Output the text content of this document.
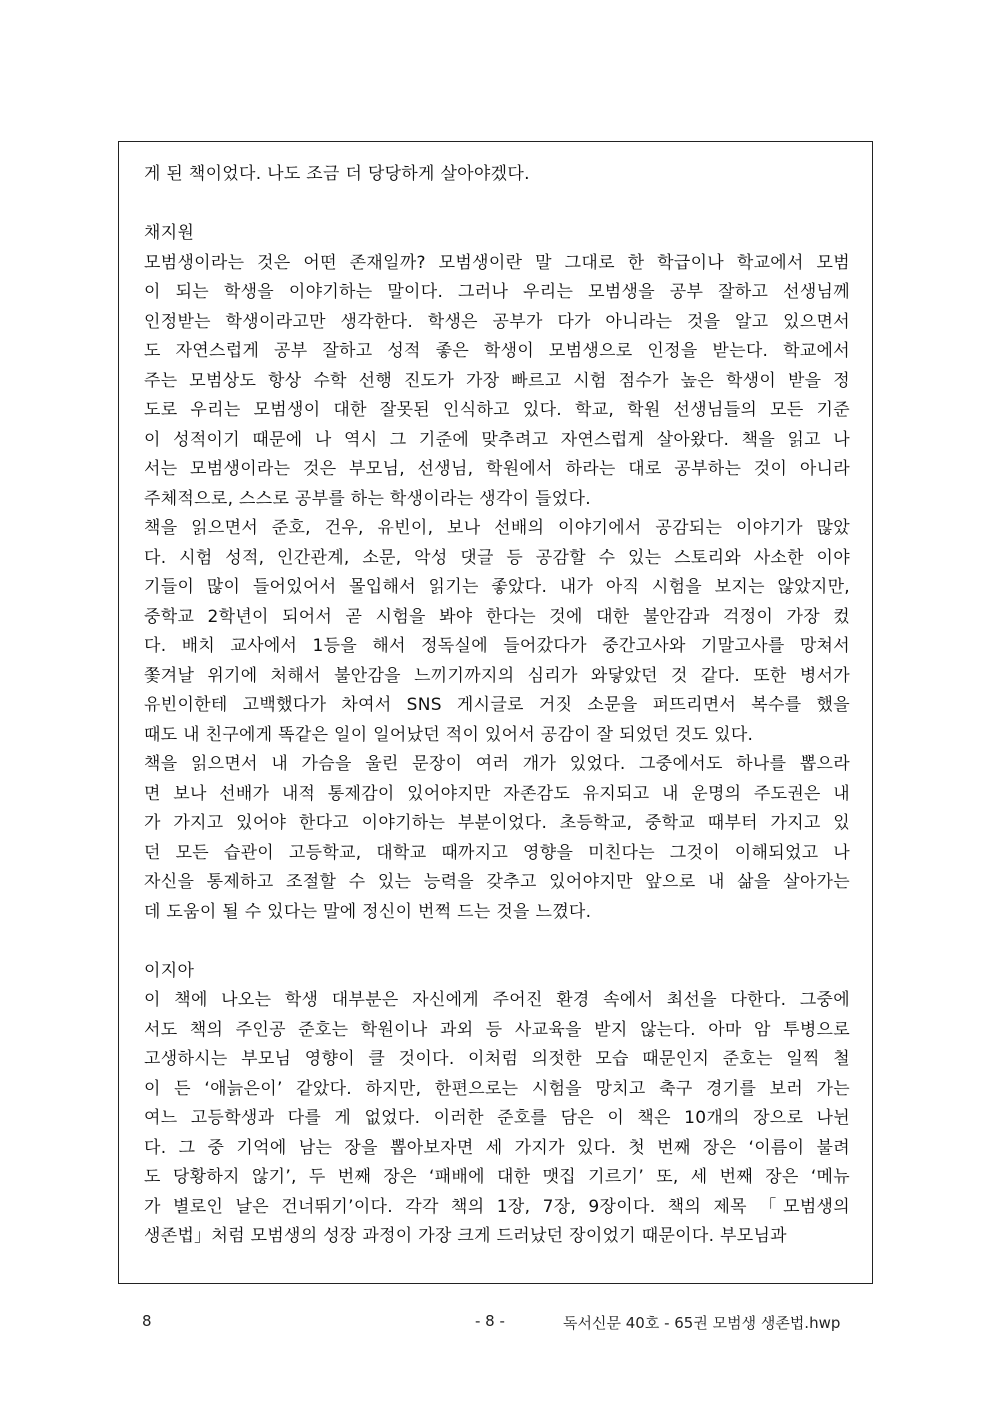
게 된 책이었다. 나도 조금 더 당당하게 살아야겠다.
채지원
모범생이라는 것은 어떤 존재일까? 모범생이란 말 그대로 한 학급이나 학교에서 모범
이 되는 학생을 이야기하는 말이다. 그러나 우리는 모범생을 공부 잘하고 선생님께
인정받는 학생이라고만 생각한다. 학생은 공부가 다가 아니라는 것을 알고 있으면서
도 자연스럽게 공부 잘하고 성적 좋은 학생이 모범생으로 인정을 받는다. 학교에서
주는 모범상도 항상 수학 선행 진도가 가장 빠르고 시험 점수가 높은 학생이 받을 정
도로 우리는 모범생이 대한 잘못된 인식하고 있다. 학교, 학원 선생님들의 모든 기준
이 성적이기 때문에 나 역시 그 기준에 맞추려고 자연스럽게 살아왔다. 책을 읽고 나
서는 모범생이라는 것은 부모님, 선생님, 학원에서 하라는 대로 공부하는 것이 아니라
주체적으로, 스스로 공부를 하는 학생이라는 생각이 들었다.
책을 읽으면서 준호, 건우, 유빈이, 보나 선배의 이야기에서 공감되는 이야기가 많았
다. 시험 성적, 인간관계, 소문, 악성 댓글 등 공감할 수 있는 스토리와 사소한 이야
기들이 많이 들어있어서 몰입해서 읽기는 좋았다. 내가 아직 시험을 보지는 않았지만,
중학교 2학년이 되어서 곧 시험을 봐야 한다는 것에 대한 불안감과 걱정이 가장 컸
다. 배치 교사에서 1등을 해서 정독실에 들어갔다가 중간고사와 기말고사를 망쳐서
쫓겨날 위기에 처해서 불안감을 느끼기까지의 심리가 와닿았던 것 같다. 또한 병서가
유빈이한테 고백했다가 차여서 SNS 게시글로 거짓 소문을 퍼뜨리면서 복수를 했을
때도 내 친구에게 똑같은 일이 일어났던 적이 있어서 공감이 잘 되었던 것도 있다.
책을 읽으면서 내 가슴을 울린 문장이 여러 개가 있었다. 그중에서도 하나를 뽑으라
면 보나 선배가 내적 통제감이 있어야지만 자존감도 유지되고 내 운명의 주도권은 내
가 가지고 있어야 한다고 이야기하는 부분이었다. 초등학교, 중학교 때부터 가지고 있
던 모든 습관이 고등학교, 대학교 때까지고 영향을 미친다는 그것이 이해되었고 나
자신을 통제하고 조절할 수 있는 능력을 갖추고 있어야지만 앞으로 내 삶을 살아가는
데 도움이 될 수 있다는 말에 정신이 번쩍 드는 것을 느꼈다.
이지아
이 책에 나오는 학생 대부분은 자신에게 주어진 환경 속에서 최선을 다한다. 그중에
서도 책의 주인공 준호는 학원이나 과외 등 사교육을 받지 않는다. 아마 암 투병으로
고생하시는 부모님 영향이 클 것이다. 이처럼 의젓한 모습 때문인지 준호는 일찍 철
이 든 ‘애늙은이’ 같았다. 하지만, 한편으로는 시험을 망치고 축구 경기를 보러 가는
여느 고등학생과 다를 게 없었다. 이러한 준호를 담은 이 책은 10개의 장으로 나뉜
다. 그 중 기억에 남는 장을 뽑아보자면 세 가지가 있다. 첫 번째 장은 ‘이름이 불려
도 당황하지 않기’, 두 번째 장은 ‘패배에 대한 맷집 기르기’ 또, 세 번째 장은 ‘메뉴
가 별로인 날은 건너뛰기’이다. 각각 책의 1장, 7장, 9장이다. 책의 제목 「모범생의
생존법」처럼 모범생의 성장 과정이 가장 크게 드러났던 장이었기 때문이다. 부모님과
8	- 8 -	독서신문 40호 - 65권 모범생 생존법.hwp
